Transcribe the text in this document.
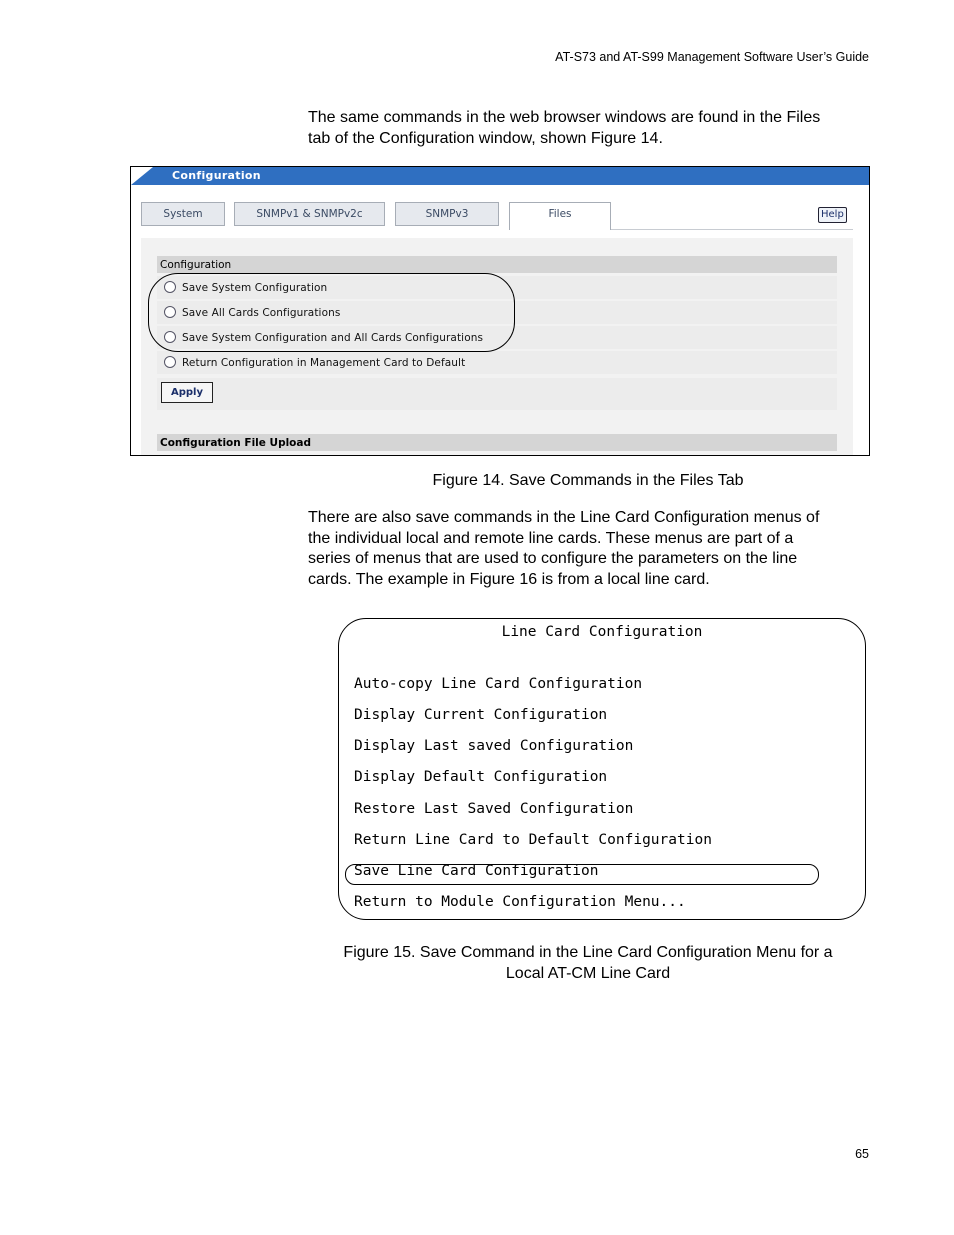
AT-S73 and AT-S99 Management Software User’s Guide

The same commands in the web browser windows are found in the Files
tab of the Configuration window, shown Figure 14.

Configuration
System	SNMPv1 & SNMPv2c	SNMPv3	Files	Help
Configuration
Save System Configuration
Save All Cards Configurations
Save System Configuration and All Cards Configurations
Return Configuration in Management Card to Default
Apply
Configuration File Upload
Figure 14. Save Commands in the Files Tab

There are also save commands in the Line Card Configuration menus of
the individual local and remote line cards. These menus are part of a
series of menus that are used to configure the parameters on the line
cards. The example in Figure 16 is from a local line card.

Line Card Configuration
Auto-copy Line Card Configuration
Display Current Configuration
Display Last saved Configuration
Display Default Configuration
Restore Last Saved Configuration
Return Line Card to Default Configuration
Save Line Card Configuration
Return to Module Configuration Menu...
Figure 15. Save Command in the Line Card Configuration Menu for a
Local AT-CM Line Card
65
